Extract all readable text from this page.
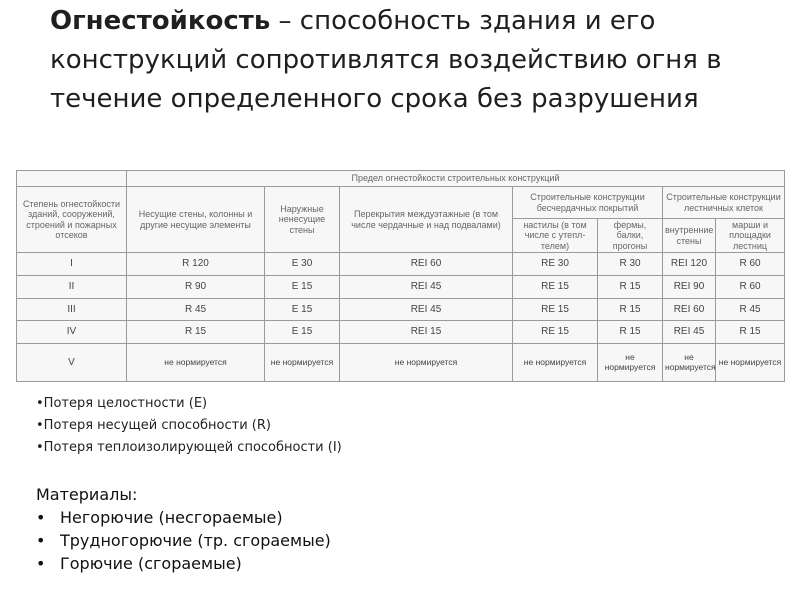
Огнестойкость – способность здания и его конструкций сопротивлятся воздействию огня в течение определенного срока без разрушения

	Предел огнестойкости строительных конструкций						
Степень огнестойкости зданий, сооружений, строений и пожарных отсеков	Несущие стены, колонны и другие несущие элементы	Наружные ненесущие стены	Перекрытия междуэтажные (в том числе чердачные и над подвалами)	Строительные конструкции бесчердачных покрытий		Строительные конструкции лестничных клеток	
				настилы (в том числе с утепл-телем)	фермы, балки, прогоны	внутренние стены	марши и площадки лестниц
I	R 120	E 30	REI 60	RE 30	R 30	REI 120	R 60
II	R 90	E 15	REI 45	RE 15	R 15	REI 90	R 60
III	R 45	E 15	REI 45	RE 15	R 15	REI 60	R 45
IV	R 15	E 15	REI 15	RE 15	R 15	REI 45	R 15
V	не нормируется	не нормируется	не нормируется	не нормируется	не нормируется	не нормируется	не нормируется
•Потеря целостности (E)
•Потеря несущей способности (R)
•Потеря теплоизолирующей способности (I)
Материалы:
• Негорючие (несгораемые)
• Трудногорючие (тр. сгораемые)
• Горючие (сгораемые)
